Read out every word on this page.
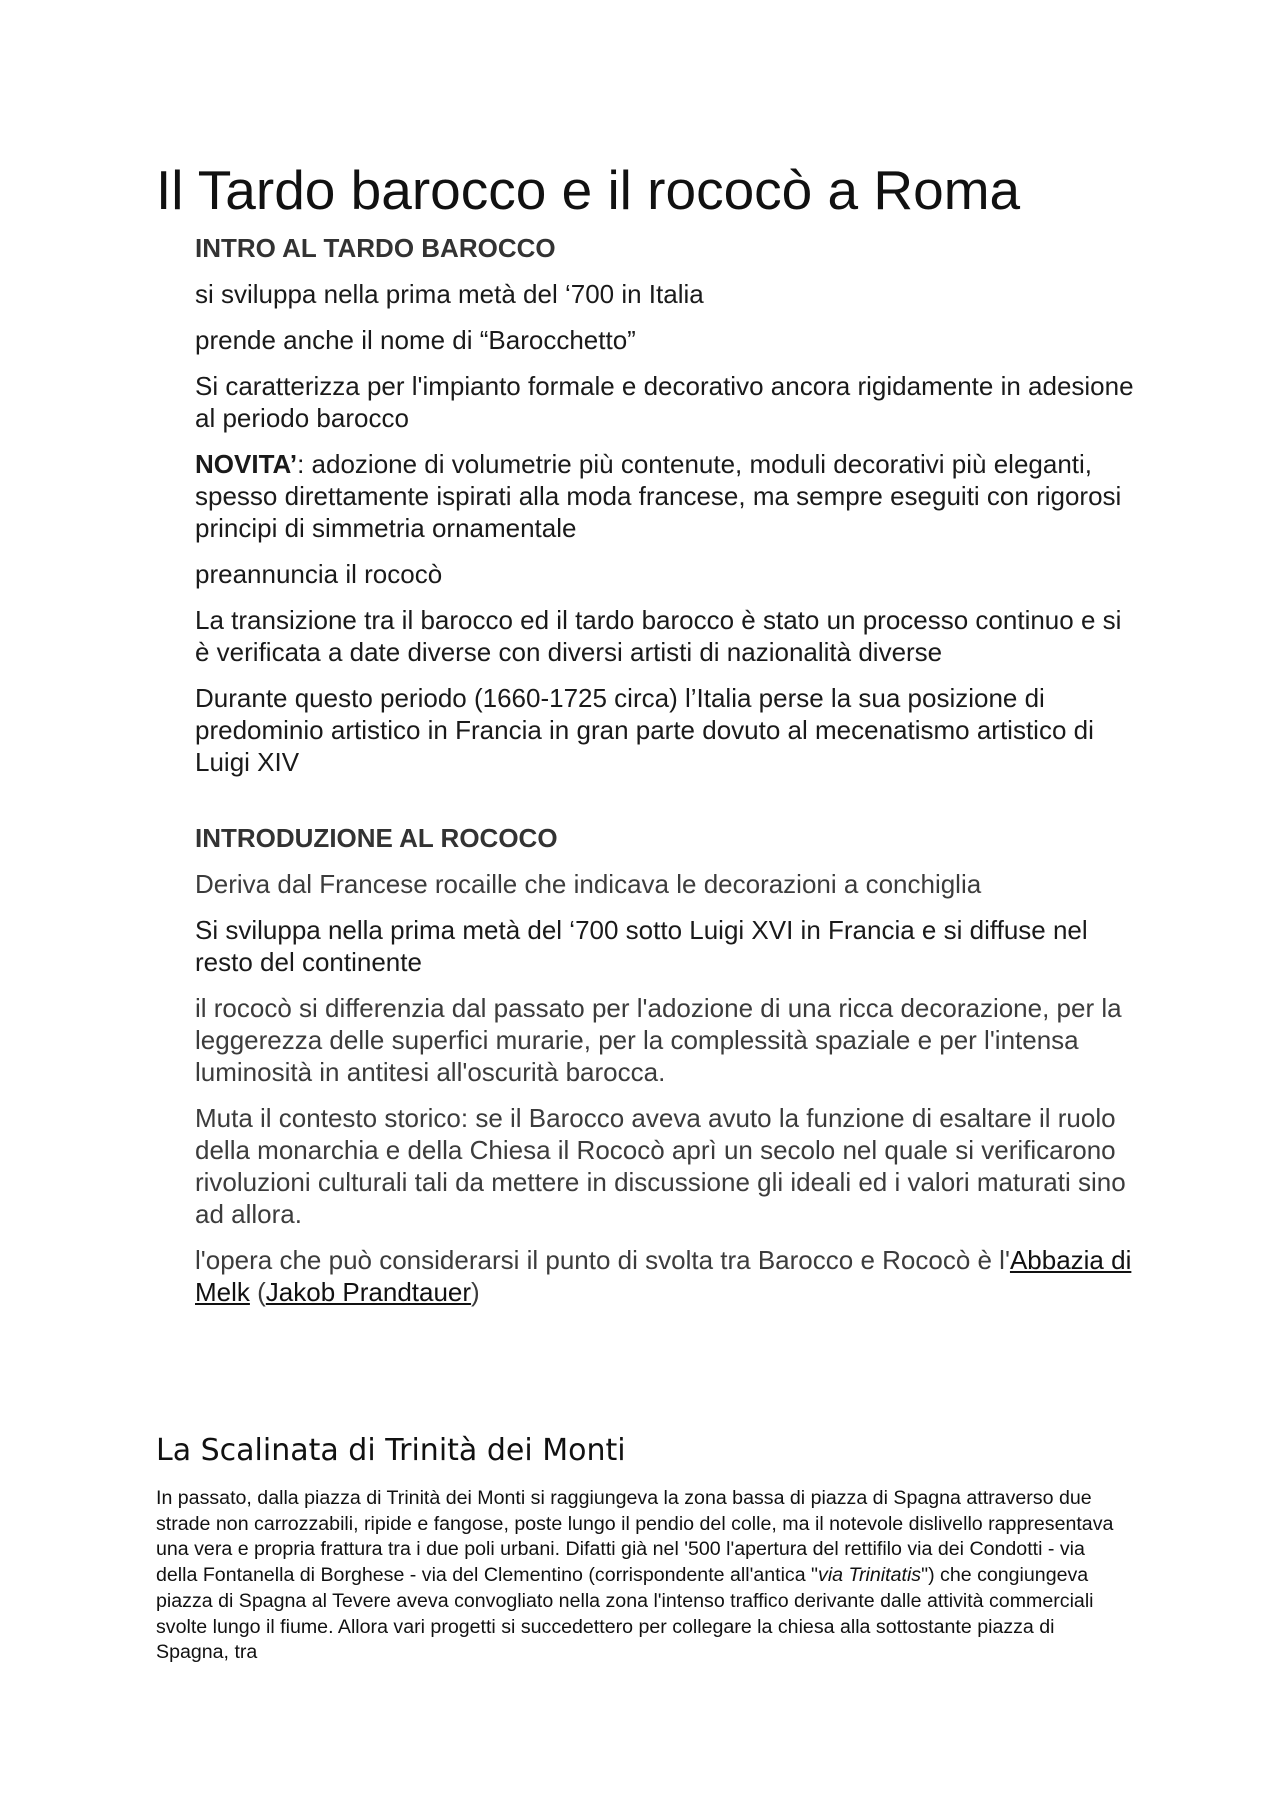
Il Tardo barocco e il rococò a Roma

INTRO AL TARDO BAROCCO

si sviluppa nella prima metà del ‘700 in Italia

prende anche il nome di “Barocchetto”

Si caratterizza per l'impianto formale e decorativo ancora rigidamente in adesione al periodo barocco

NOVITA’: adozione di volumetrie più contenute, moduli decorativi più eleganti, spesso direttamente ispirati alla moda francese, ma sempre eseguiti con rigorosi principi di simmetria ornamentale

preannuncia il rococò

La transizione tra il barocco ed il tardo barocco è stato un processo continuo e si è verificata a date diverse con diversi artisti di nazionalità diverse

Durante questo periodo (1660-1725 circa) l’Italia perse la sua posizione di predominio artistico in Francia in gran parte dovuto al mecenatismo artistico di Luigi XIV

INTRODUZIONE AL ROCOCO

Deriva dal Francese rocaille che indicava le decorazioni a conchiglia

Si sviluppa nella prima metà del ‘700 sotto Luigi XVI in Francia e si diffuse nel resto del continente

il rococò si differenzia dal passato per l'adozione di una ricca decorazione, per la leggerezza delle superfici murarie, per la complessità spaziale e per l'intensa luminosità in antitesi all'oscurità barocca.

Muta il contesto storico: se il Barocco aveva avuto la funzione di esaltare il ruolo della monarchia e della Chiesa il Rococò aprì un secolo nel quale si verificarono rivoluzioni culturali tali da mettere in discussione gli ideali ed i valori maturati sino ad allora.

l'opera che può considerarsi il punto di svolta tra Barocco e Rococò è l'Abbazia di Melk (Jakob Prandtauer)

La Scalinata di Trinità dei Monti

In passato, dalla piazza di Trinità dei Monti si raggiungeva la zona bassa di piazza di Spagna attraverso due strade non carrozzabili, ripide e fangose, poste lungo il pendio del colle, ma il notevole dislivello rappresentava una vera e propria frattura tra i due poli urbani. Difatti già nel '500 l'apertura del rettifilo via dei Condotti - via della Fontanella di Borghese - via del Clementino (corrispondente all'antica "via Trinitatis") che congiungeva piazza di Spagna al Tevere aveva convogliato nella zona l'intenso traffico derivante dalle attività commerciali svolte lungo il fiume. Allora vari progetti si succedettero per collegare la chiesa alla sottostante piazza di Spagna, tra
